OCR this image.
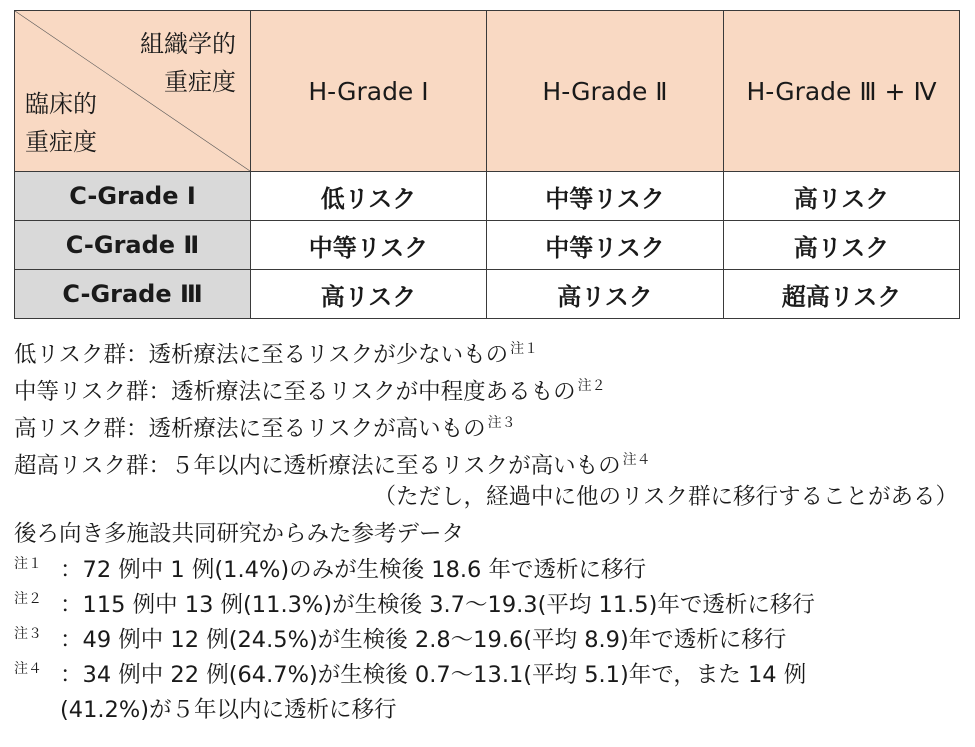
組織学的
重症度
臨床的
重症度	H-Grade Ⅰ	H-Grade Ⅱ	H-Grade Ⅲ + Ⅳ
C-Grade Ⅰ	低リスク	中等リスク	高リスク
C-Grade Ⅱ	中等リスク	中等リスク	高リスク
C-Grade Ⅲ	高リスク	高リスク	超高リスク
低リスク群：透析療法に至るリスクが少ないもの $^{注1}$
中等リスク群：透析療法に至るリスクが中程度あるもの $^{注2}$
高リスク群：透析療法に至るリスクが高いもの $^{注3}$
超高リスク群：５年以内に透析療法に至るリスクが高いもの $^{注4}$
（ただし，経過中に他のリスク群に移行することがある）
後ろ向き多施設共同研究からみた参考データ
注１ ：72 例中 1 例(1.4%)のみが生検後 18.6 年で透析に移行
注２ ：115 例中 13 例(11.3%)が生検後 3.7～19.3(平均 11.5)年で透析に移行
注３ ：49 例中 12 例(24.5%)が生検後 2.8～19.6(平均 8.9)年で透析に移行
注４ ：34 例中 22 例(64.7%)が生検後 0.7～13.1(平均 5.1)年で，また 14 例
(41.2%)が５年以内に透析に移行
